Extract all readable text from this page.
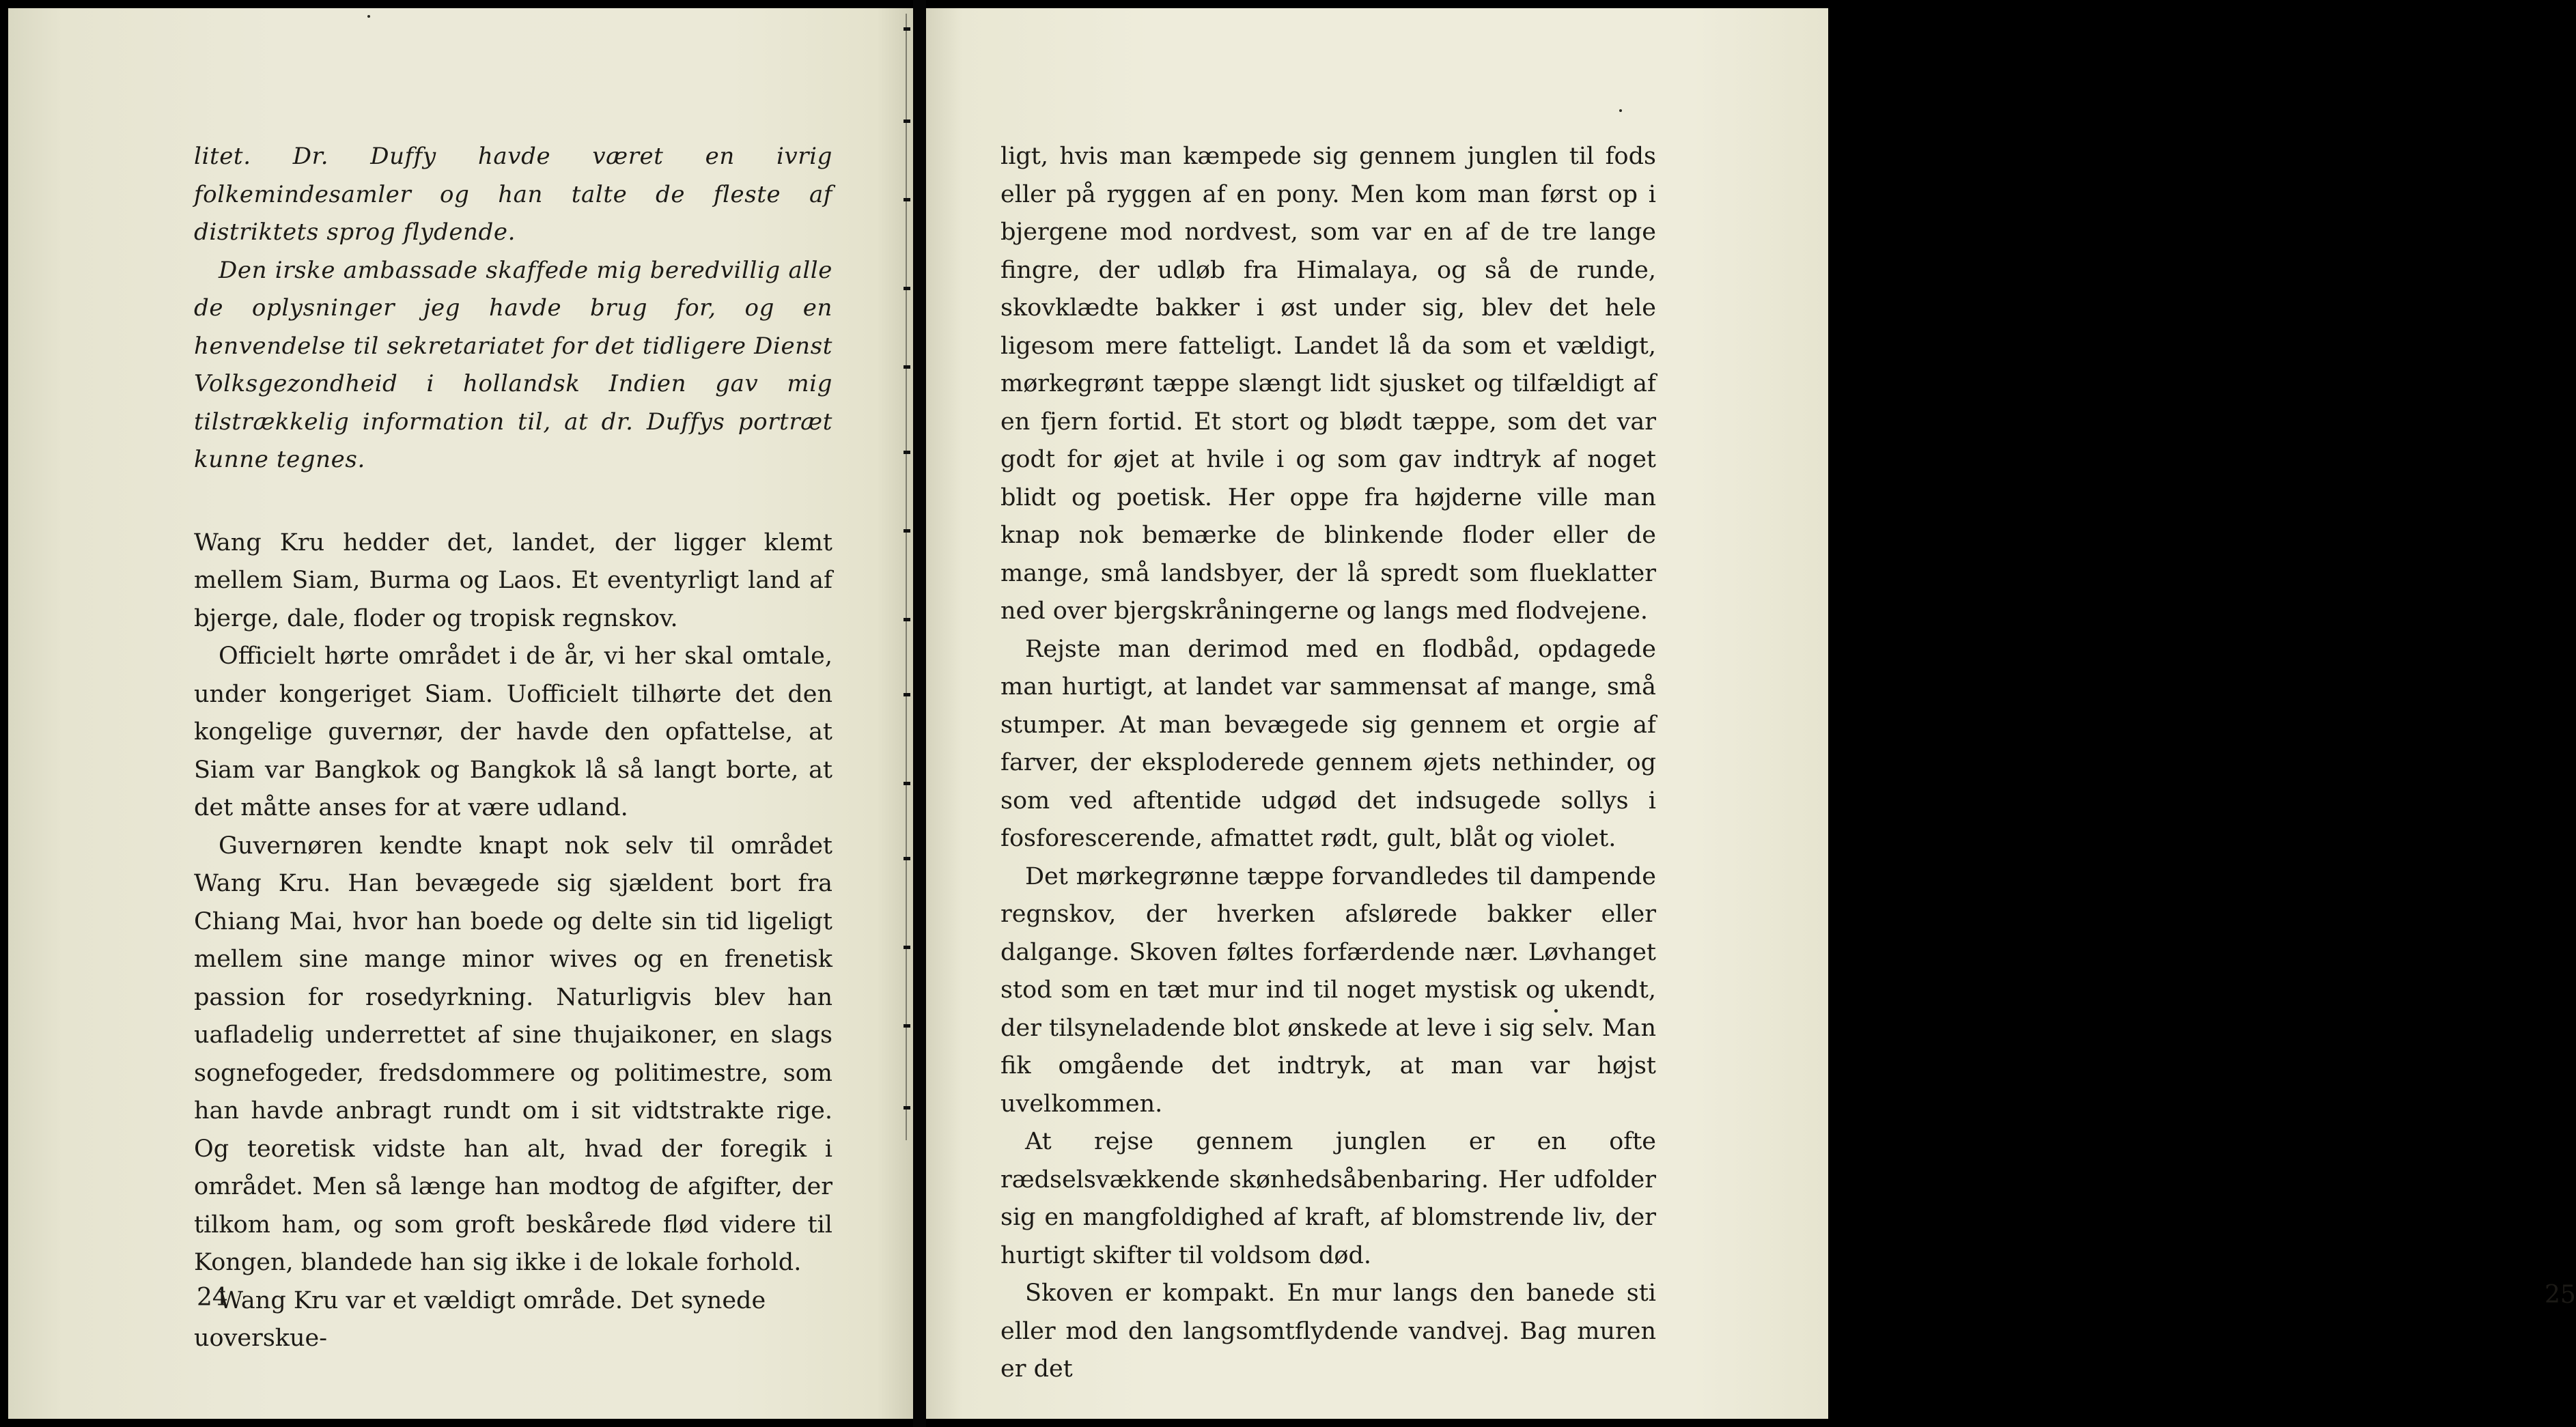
litet. Dr. Duffy havde været en ivrig folkemindesamler og han talte de fleste af distriktets sprog flydende.

Den irske ambassade skaffede mig beredvillig alle de oplysninger jeg havde brug for, og en henvendelse til sekretariatet for det tidligere Dienst Volksgezondheid i hollandsk Indien gav mig tilstrækkelig information til, at dr. Duffys portræt kunne tegnes.

Wang Kru hedder det, landet, der ligger klemt mellem Siam, Burma og Laos. Et eventyrligt land af bjerge, dale, floder og tropisk regnskov.

Officielt hørte området i de år, vi her skal omtale, under kongeriget Siam. Uofficielt tilhørte det den kongelige guvernør, der havde den opfattelse, at Siam var Bangkok og Bangkok lå så langt borte, at det måtte anses for at være udland.

Guvernøren kendte knapt nok selv til området Wang Kru. Han bevægede sig sjældent bort fra Chiang Mai, hvor han boede og delte sin tid ligeligt mellem sine mange minor wives og en frenetisk passion for rosedyrkning. Naturligvis blev han uafladelig underrettet af sine thujaikoner, en slags sognefogeder, fredsdommere og politimestre, som han havde anbragt rundt om i sit vidtstrakte rige. Og teoretisk vidste han alt, hvad der foregik i området. Men så længe han modtog de afgifter, der tilkom ham, og som groft beskårede flød videre til Kongen, blandede han sig ikke i de lokale forhold.

Wang Kru var et vældigt område. Det synede uoverskue-

24

ligt, hvis man kæmpede sig gennem junglen til fods eller på ryggen af en pony. Men kom man først op i bjergene mod nordvest, som var en af de tre lange fingre, der udløb fra Himalaya, og så de runde, skovklædte bakker i øst under sig, blev det hele ligesom mere fatteligt. Landet lå da som et vældigt, mørkegrønt tæppe slængt lidt sjusket og tilfældigt af en fjern fortid. Et stort og blødt tæppe, som det var godt for øjet at hvile i og som gav indtryk af noget blidt og poetisk. Her oppe fra højderne ville man knap nok bemærke de blinkende floder eller de mange, små landsbyer, der lå spredt som flueklatter ned over bjergskråningerne og langs med flodvejene.

Rejste man derimod med en flodbåd, opdagede man hurtigt, at landet var sammensat af mange, små stumper. At man bevægede sig gennem et orgie af farver, der eksploderede gennem øjets nethinder, og som ved aftentide udgød det indsugede sollys i fosforescerende, afmattet rødt, gult, blåt og violet.

Det mørkegrønne tæppe forvandledes til dampende regnskov, der hverken afslørede bakker eller dalgange. Skoven føltes forfærdende nær. Løvhanget stod som en tæt mur ind til noget mystisk og ukendt, der tilsyneladende blot ønskede at leve i sig selv. Man fik omgående det indtryk, at man var højst uvelkommen.

At rejse gennem junglen er en ofte rædselsvækkende skønhedsåbenbaring. Her udfolder sig en mangfoldighed af kraft, af blomstrende liv, der hurtigt skifter til voldsom død.

Skoven er kompakt. En mur langs den banede sti eller mod den langsomtflydende vandvej. Bag muren er det

25
